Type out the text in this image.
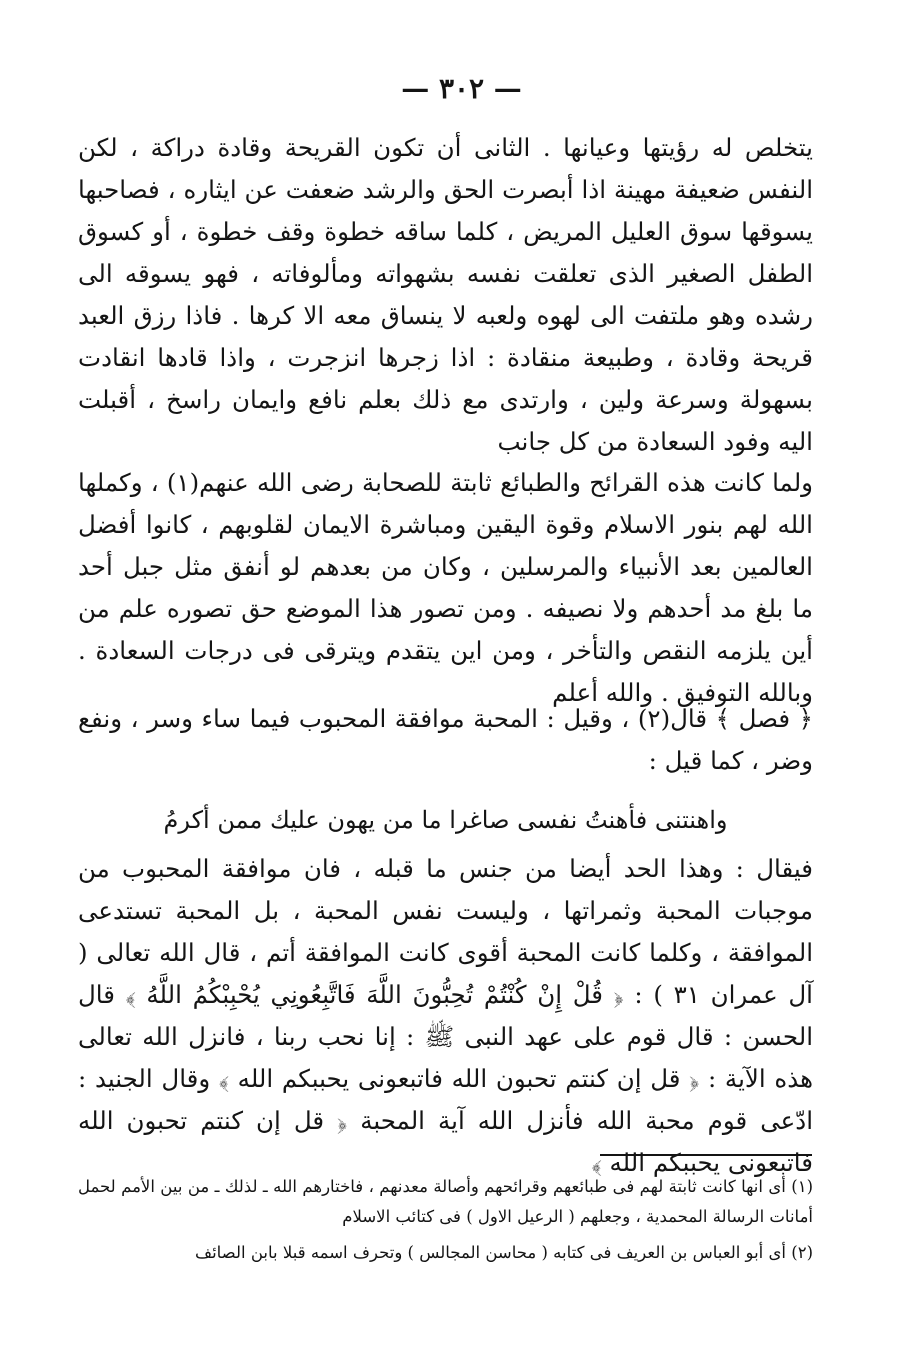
— ٣٠٢ —

يتخلص له رؤيتها وعيانها . الثانى أن تكون القريحة وقادة دراكة ، لكن النفس ضعيفة مهينة اذا أبصرت الحق والرشد ضعفت عن ايثاره ، فصاحبها يسوقها سوق العليل المريض ، كلما ساقه خطوة وقف خطوة ، أو كسوق الطفل الصغير الذى تعلقت نفسه بشهواته ومألوفاته ، فهو يسوقه الى رشده وهو ملتفت الى لهوه ولعبه لا ينساق معه الا كرها . فاذا رزق العبد قريحة وقادة ، وطبيعة منقادة : اذا زجرها انزجرت ، واذا قادها انقادت بسهولة وسرعة ولين ، وارتدى مع ذلك بعلم نافع وايمان راسخ ، أقبلت اليه وفود السعادة من كل جانب

ولما كانت هذه القرائح والطبائع ثابتة للصحابة رضى الله عنهم(١) ، وكملها الله لهم بنور الاسلام وقوة اليقين ومباشرة الايمان لقلوبهم ، كانوا أفضل العالمين بعد الأنبياء والمرسلين ، وكان من بعدهم لو أنفق مثل جبل أحد ما بلغ مد أحدهم ولا نصيفه . ومن تصور هذا الموضع حق تصوره علم من أين يلزمه النقص والتأخر ، ومن اين يتقدم ويترقى فى درجات السعادة . وبالله التوفيق . والله أعلم

﴿ فصل ﴾ قال(٢) ، وقيل : المحبة موافقة المحبوب فيما ساء وسر ، ونفع وضر ، كما قيل :

واهنتنى فأهنتُ نفسى صاغرا ما من يهون عليك ممن أكرمُ

فيقال : وهذا الحد أيضا من جنس ما قبله ، فان موافقة المحبوب من موجبات المحبة وثمراتها ، وليست نفس المحبة ، بل المحبة تستدعى الموافقة ، وكلما كانت المحبة أقوى كانت الموافقة أتم ، قال الله تعالى ( آل عمران ٣١ ) : ﴿ قُلْ إِنْ كُنْتُمْ تُحِبُّونَ اللَّهَ فَاتَّبِعُونِي يُحْبِبْكُمُ اللَّهُ ﴾ قال الحسن : قال قوم على عهد النبى ﷺ : إنا نحب ربنا ، فانزل الله تعالى هذه الآية : ﴿ قل إن كنتم تحبون الله فاتبعونى يحببكم الله ﴾ وقال الجنيد : ادّعى قوم محبة الله فأنزل الله آية المحبة ﴿ قل إن كنتم تحبون الله فاتبعونى يحببكم الله ﴾

(١) أى انها كانت ثابتة لهم فى طبائعهم وقرائحهم وأصالة معدنهم ، فاختارهم الله ـ لذلك ـ من بين الأمم لحمل أمانات الرسالة المحمدية ، وجعلهم ( الرعيل الاول ) فى كتائب الاسلام

(٢) أى أبو العباس بن العريف فى كتابه ( محاسن المجالس ) وتحرف اسمه قبلا بابن الصائف
